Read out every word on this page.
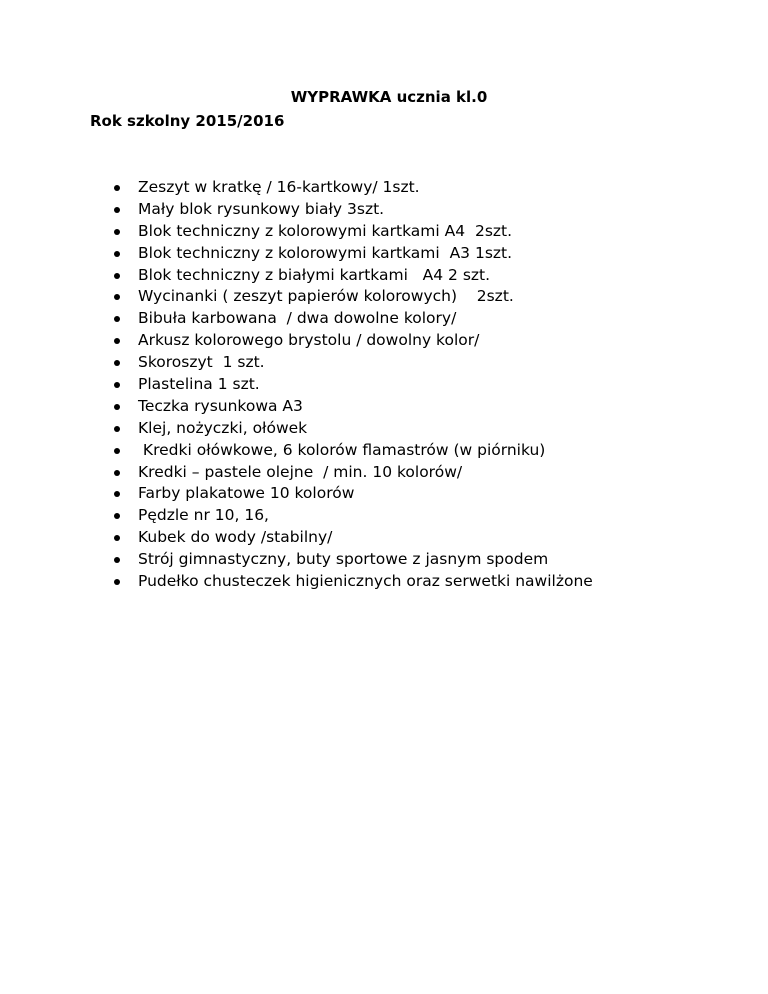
WYPRAWKA ucznia kl.0
Rok szkolny 2015/2016
Zeszyt w kratkę / 16-kartkowy/ 1szt.
Mały blok rysunkowy biały 3szt.
Blok techniczny z kolorowymi kartkami A4  2szt.
Blok techniczny z kolorowymi kartkami  A3 1szt.
Blok techniczny z białymi kartkami   A4 2 szt.
Wycinanki ( zeszyt papierów kolorowych)    2szt.
Bibuła karbowana  / dwa dowolne kolory/
Arkusz kolorowego brystolu / dowolny kolor/
Skoroszyt  1 szt.
Plastelina 1 szt.
Teczka rysunkowa A3
Klej, nożyczki, ołówek
Kredki ołówkowe, 6 kolorów flamastrów (w piórniku)
Kredki – pastele olejne  / min. 10 kolorów/
Farby plakatowe 10 kolorów
Pędzle nr 10, 16,
Kubek do wody /stabilny/
Strój gimnastyczny, buty sportowe z jasnym spodem
Pudełko chusteczek higienicznych oraz serwetki nawilżone
